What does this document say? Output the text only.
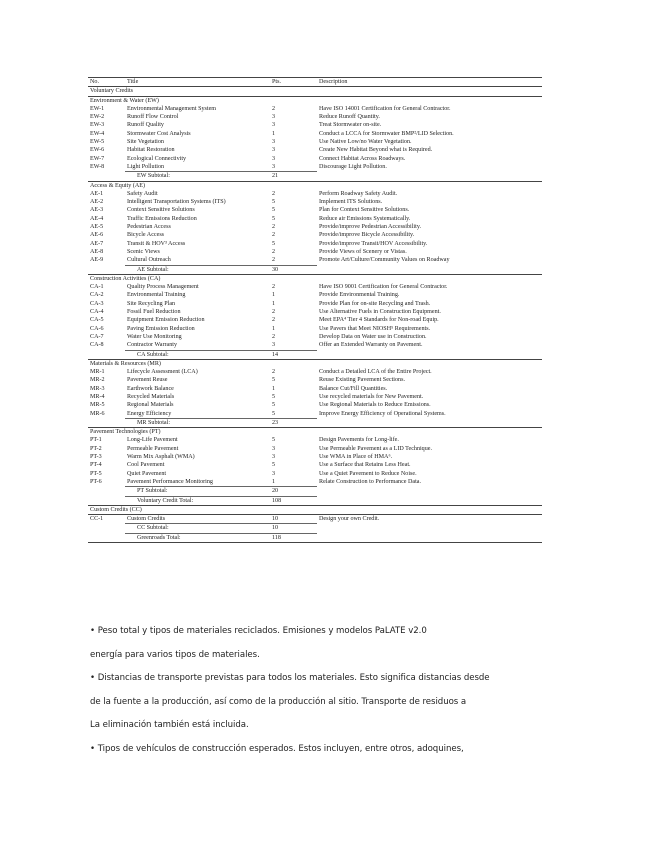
No.	Title	Pts.	Description
Voluntary Credits			
Environment & Water (EW)			
EW-1	Environmental Management System	2	Have ISO 14001 Certification for General Contractor.
EW-2	Runoff Flow Control	3	Reduce Runoff Quantity.
EW-3	Runoff Quality	3	Treat Stormwater on-site.
EW-4	Stormwater Cost Analysis	1	Conduct a LCCA for Stormwater BMP²/LID Selection.
EW-5	Site Vegetation	3	Use Native Low/no Water Vegetation.
EW-6	Habitat Restoration	3	Create New Habitat Beyond what is Required.
EW-7	Ecological Connectivity	3	Connect Habitat Across Roadways.
EW-8	Light Pollution	3	Discourage Light Pollution.
	EW Subtotal:	21	
Access & Equity (AE)			
AE-1	Safety Audit	2	Perform Roadway Safety Audit.
AE-2	Intelligent Transportation Systems (ITS)	5	Implement ITS Solutions.
AE-3	Context Sensitive Solutions	5	Plan for Context Sensitive Solutions.
AE-4	Traffic Emissions Reduction	5	Reduce air Emissions Systematically.
AE-5	Pedestrian Access	2	Provide/improve Pedestrian Accessibility.
AE-6	Bicycle Access	2	Provide/improve Bicycle Accessibility.
AE-7	Transit & HOV³ Access	5	Provide/improve Transit/HOV Accessibility.
AE-8	Scenic Views	2	Provide Views of Scenery or Vistas.
AE-9	Cultural Outreach	2	Promote Art/Culture/Community Values on Roadway
	AE Subtotal:	30	
Construction Activities (CA)			
CA-1	Quality Process Management	2	Have ISO 9001 Certification for General Contractor.
CA-2	Environmental Training	1	Provide Environmental Training.
CA-3	Site Recycling Plan	1	Provide Plan for on-site Recycling and Trash.
CA-4	Fossil Fuel Reduction	2	Use Alternative Fuels in Construction Equipment.
CA-5	Equipment Emission Reduction	2	Meet EPA⁴ Tier 4 Standards for Non-road Equip.
CA-6	Paving Emission Reduction	1	Use Pavers that Meet NIOSH⁵ Requirements.
CA-7	Water Use Monitoring	2	Develop Data on Water use in Construction.
CA-8	Contractor Warranty	3	Offer an Extended Warranty on Pavement.
	CA Subtotal:	14	
Materials & Resources (MR)			
MR-1	Lifecycle Assessment (LCA)	2	Conduct a Detailed LCA of the Entire Project.
MR-2	Pavement Reuse	5	Reuse Existing Pavement Sections.
MR-3	Earthwork Balance	1	Balance Cut/Fill Quantities.
MR-4	Recycled Materials	5	Use recycled materials for New Pavement.
MR-5	Regional Materials	5	Use Regional Materials to Reduce Emissions.
MR-6	Energy Efficiency	5	Improve Energy Efficiency of Operational Systems.
	MR Subtotal:	23	
Pavement Technologies (PT)			
PT-1	Long-Life Pavement	5	Design Pavements for Long-life.
PT-2	Permeable Pavement	3	Use Permeable Pavement as a LID Technique.
PT-3	Warm Mix Asphalt (WMA)	3	Use WMA in Place of HMA⁶.
PT-4	Cool Pavement	5	Use a Surface that Retains Less Heat.
PT-5	Quiet Pavement	3	Use a Quiet Pavement to Reduce Noise.
PT-6	Pavement Performance Monitoring	1	Relate Construction to Performance Data.
	PT Subtotal:	20	
	Voluntary Credit Total:	108	
Custom Credits (CC)			
CC-1	Custom Credits	10	Design your own Credit.
	CC Subtotal:	10	
	Greenroads Total:	118	

• Peso total y tipos de materiales reciclados. Emisiones y modelos PaLATE v2.0

energía para varios tipos de materiales.

• Distancias de transporte previstas para todos los materiales. Esto significa distancias desde

de la fuente a la producción, así como de la producción al sitio. Transporte de residuos a

La eliminación también está incluida.

• Tipos de vehículos de construcción esperados. Estos incluyen, entre otros, adoquines,
